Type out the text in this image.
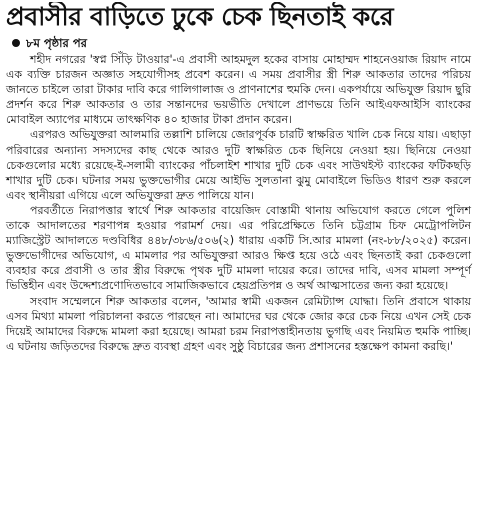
প্রবাসীর বাড়িতে ঢুকে চেক ছিনতাই করে
৮ম পৃষ্ঠার পর

শহীদ নগরের 'স্বপ্ন সিঁড়ি টাওয়ার'-এ প্রবাসী আহমদুল হকের বাসায় মোহাম্মদ শাহনেওয়াজ রিয়াদ নামে এক ব্যক্তি চারজন অজ্ঞাত সহযোগীসহ প্রবেশ করেন। এ সময় প্রবাসীর স্ত্রী শিরু আকতার তাদের পরিচয় জানতে চাইলে তারা টাকার দাবি করে গালিগালাজ ও প্রাণনাশের হুমকি দেন। একপর্যায়ে অভিযুক্ত রিয়াদ ছুরি প্রদর্শন করে শিরু আকতার ও তার সন্তানদের ভয়ভীতি দেখালে প্রাণভয়ে তিনি আইএফআইসি ব্যাংকের মোবাইল অ্যাপের মাধ্যমে তাৎক্ষণিক ৪০ হাজার টাকা প্রদান করেন।

এরপরও অভিযুক্তরা আলমারি তল্লাশি চালিয়ে জোরপূর্বক চারটি স্বাক্ষরিত খালি চেক নিয়ে যায়। এছাড়া পরিবারের অন্যান্য সদস্যদের কাছ থেকে আরও দুটি স্বাক্ষরিত চেক ছিনিয়ে নেওয়া হয়। ছিনিয়ে নেওয়া চেকগুলোর মধ্যে রয়েছে-ই-সলামী ব্যাংকের পাঁচলাইশ শাখার দুটি চেক এবং সাউথইস্ট ব্যাংকের ফটিকছড়ি শাখার দুটি চেক। ঘটনার সময় ভুক্তভোগীর মেয়ে আইভি সুলতানা ঝুমু মোবাইলে ভিডিও ধারণ শুরু করলে এবং স্থানীয়রা এগিয়ে এলে অভিযুক্তরা দ্রুত পালিয়ে যান।

পরবর্তীতে নিরাপত্তার স্বার্থে শিরু আকতার বায়েজিদ বোস্তামী থানায় অভিযোগ করতে গেলে পুলিশ তাকে আদালতের শরণাপন্ন হওয়ার পরামর্শ দেয়। এর পরিপ্রেক্ষিতে তিনি চট্টগ্রাম চিফ মেট্রোপলিটন ম্যাজিস্ট্রেট আদালতে দণ্ডবিধির ৪৪৮/৩৮৬/৫০৬(২) ধারায় একটি সি.আর মামলা (নং-৮৮/২০২৫) করেন। ভুক্তভোগীদের অভিযোগ, এ মামলার পর অভিযুক্তরা আরও ক্ষিপ্ত হয়ে ওঠে এবং ছিনতাই করা চেকগুলো ব্যবহার করে প্রবাসী ও তার স্ত্রীর বিরুদ্ধে পৃথক দুটি মামলা দায়ের করে। তাদের দাবি, এসব মামলা সম্পূর্ণ ভিত্তিহীন এবং উদ্দেশ্যপ্রণোদিতভাবে সামাজিকভাবে হেয়প্রতিপন্ন ও অর্থ আত্মসাতের জন্য করা হয়েছে।

সংবাদ সম্মেলনে শিরু আকতার বলেন, 'আমার স্বামী একজন রেমিট্যান্স যোদ্ধা। তিনি প্রবাসে থাকায় এসব মিথ্যা মামলা পরিচালনা করতে পারছেন না। আমাদের ঘর থেকে জোর করে চেক নিয়ে এখন সেই চেক দিয়েই আমাদের বিরুদ্ধে মামলা করা হয়েছে। আমরা চরম নিরাপত্তাহীনতায় ভুগছি এবং নিয়মিত হুমকি পাচ্ছি। এ ঘটনায় জড়িতদের বিরুদ্ধে দ্রুত ব্যবস্থা গ্রহণ এবং সুষ্ঠু বিচারের জন্য প্রশাসনের হস্তক্ষেপ কামনা করছি।'
